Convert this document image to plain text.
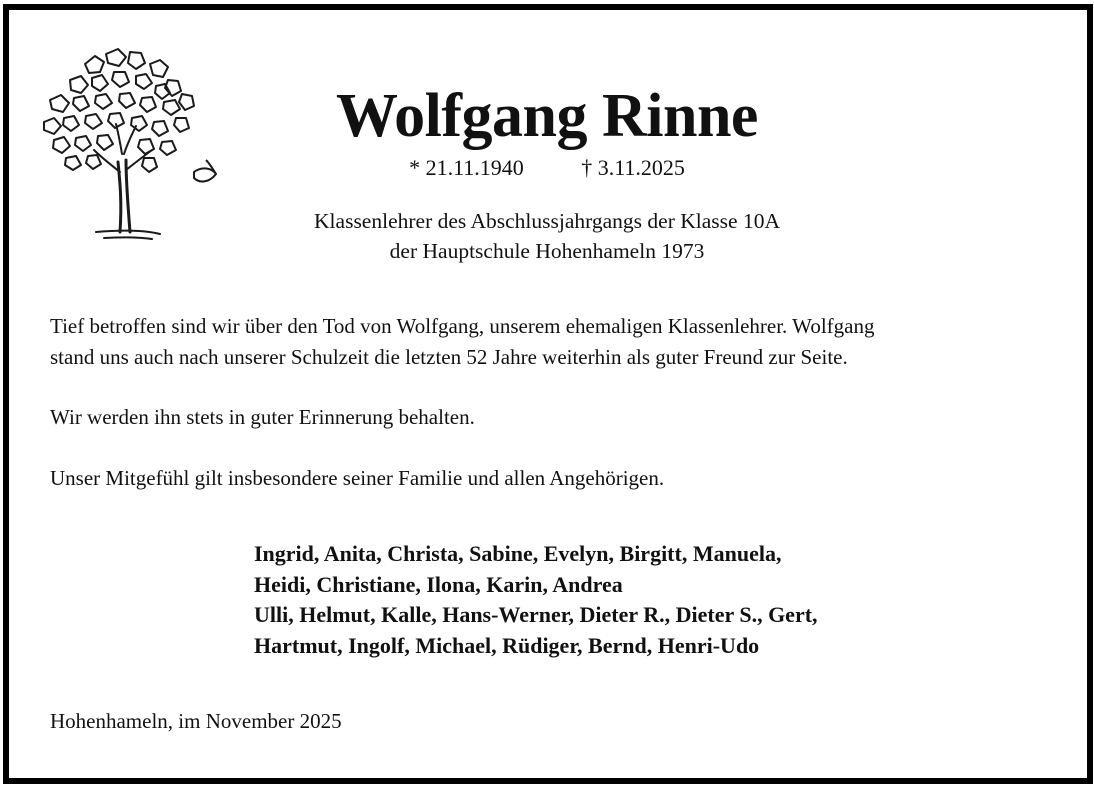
Wolfgang Rinne
* 21.11.1940	† 3.11.2025
Klassenlehrer des Abschlussjahrgangs der Klasse 10A
der Hauptschule Hohenhameln 1973
Tief betroffen sind wir über den Tod von Wolfgang, unserem ehemaligen Klassenlehrer. Wolfgang
stand uns auch nach unserer Schulzeit die letzten 52 Jahre weiterhin als guter Freund zur Seite.
Wir werden ihn stets in guter Erinnerung behalten.
Unser Mitgefühl gilt insbesondere seiner Familie und allen Angehörigen.
Ingrid, Anita, Christa, Sabine, Evelyn, Birgitt, Manuela,
Heidi, Christiane, Ilona, Karin, Andrea
Ulli, Helmut, Kalle, Hans-Werner, Dieter R., Dieter S., Gert,
Hartmut, Ingolf, Michael, Rüdiger, Bernd, Henri-Udo
Hohenhameln, im November 2025
